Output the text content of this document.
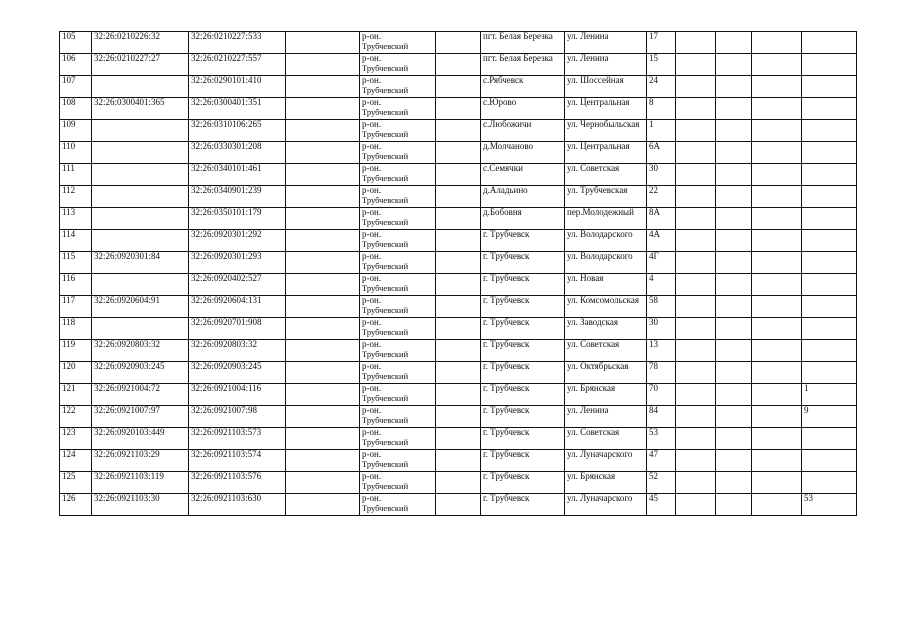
105	32:26:0210226:32	32:26:0210227:533		р-он.
Трубчевский		пгт. Белая Березка	ул. Ленина	17				
106	32:26:0210227:27	32:26:0210227:557		р-он.
Трубчевский		пгт. Белая Березка	ул. Ленина	15				
107		32:26:0290101:410		р-он.
Трубчевский		с.Рябчевск	ул. Шоссейная	24				
108	32:26:0300401:365	32:26:0300401:351		р-он.
Трубчевский		с.Юрово	ул. Центральная	8				
109		32:26:0310106:265		р-он.
Трубчевский		с.Любожичи	ул. Чернобыльская	1				
110		32:26:0330301:208		р-он.
Трубчевский		д.Молчаново	ул. Центральная	6А				
111		32:26:0340101:461		р-он.
Трубчевский		с.Семячки	ул. Советская	30				
112		32:26:0340901:239		р-он.
Трубчевский		д.Аладьино	ул. Трубчевская	22				
113		32:26:0350101:179		р-он.
Трубчевский		д.Бобовня	пер.Молодежный	8А				
114		32:26:0920301:292		р-он.
Трубчевский		г. Трубчевск	ул. Володарского	4А				
115	32:26:0920301:84	32:26:0920301:293		р-он.
Трубчевский		г. Трубчевск	ул. Володарского	4Г				
116		32:26:0920402:527		р-он.
Трубчевский		г. Трубчевск	ул. Новая	4				
117	32:26:0920604:91	32:26:0920604:131		р-он.
Трубчевский		г. Трубчевск	ул. Комсомольская	58				
118		32:26:0920701:908		р-он.
Трубчевский		г. Трубчевск	ул. Заводская	30				
119	32:26:0920803:32	32:26:0920803:32		р-он.
Трубчевский		г. Трубчевск	ул. Советская	13				
120	32:26:0920903:245	32:26:0920903:245		р-он.
Трубчевский		г. Трубчевск	ул. Октябрьская	78				
121	32:26:0921004:72	32:26:0921004:116		р-он.
Трубчевский		г. Трубчевск	ул. Брянская	70				1
122	32:26:0921007:97	32:26:0921007:98		р-он.
Трубчевский		г. Трубчевск	ул. Ленина	84				9
123	32:26:0920103:449	32:26:0921103:573		р-он.
Трубчевский		г. Трубчевск	ул. Советская	53				
124	32:26:0921103:29	32:26:0921103:574		р-он.
Трубчевский		г. Трубчевск	ул. Луначарского	47				
125	32:26:0921103:119	32:26:0921103:576		р-он.
Трубчевский		г. Трубчевск	ул. Брянская	52				
126	32:26:0921103:30	32:26:0921103:630		р-он.
Трубчевский		г. Трубчевск	ул. Луначарского	45				53
